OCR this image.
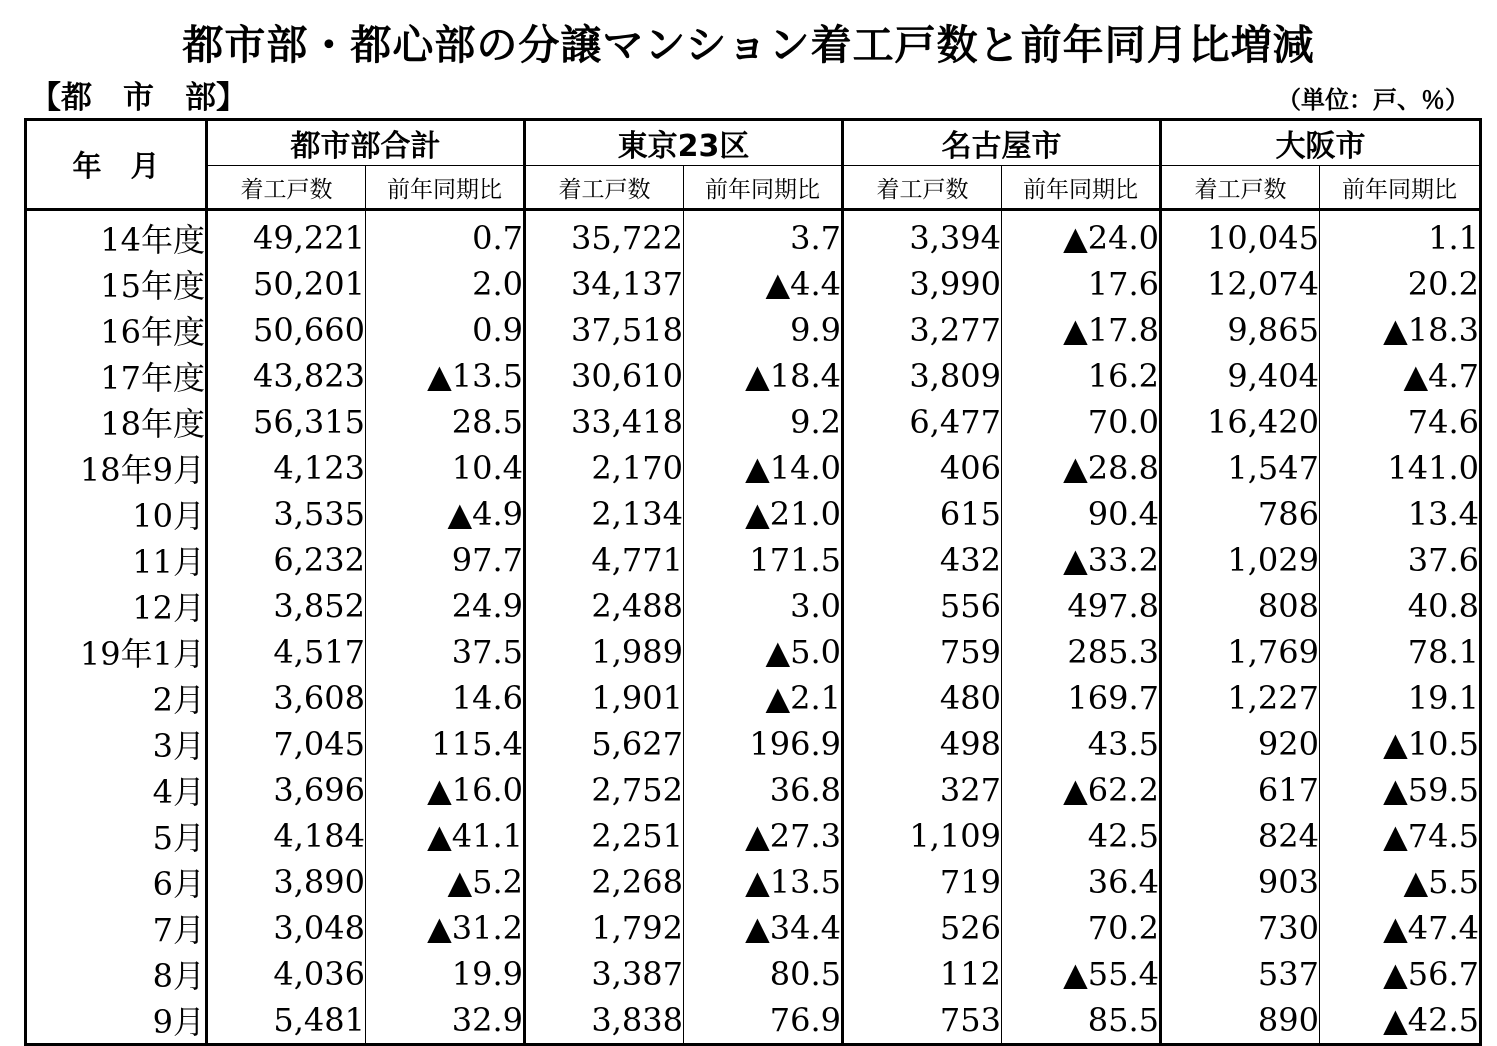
都市部・都心部の分譲マンション着工戸数と前年同月比増減
【都　市　部】	（単位：戸、％）
年　月	都市部合計		東京23区		名古屋市		大阪市	
	着工戸数	前年同期比	着工戸数	前年同期比	着工戸数	前年同期比	着工戸数	前年同期比
14年度	49,221	0.7	35,722	3.7	3,394	▲24.0	10,045	1.1
15年度	50,201	2.0	34,137	▲4.4	3,990	17.6	12,074	20.2
16年度	50,660	0.9	37,518	9.9	3,277	▲17.8	9,865	▲18.3
17年度	43,823	▲13.5	30,610	▲18.4	3,809	16.2	9,404	▲4.7
18年度	56,315	28.5	33,418	9.2	6,477	70.0	16,420	74.6
18年9月	4,123	10.4	2,170	▲14.0	406	▲28.8	1,547	141.0
10月	3,535	▲4.9	2,134	▲21.0	615	90.4	786	13.4
11月	6,232	97.7	4,771	171.5	432	▲33.2	1,029	37.6
12月	3,852	24.9	2,488	3.0	556	497.8	808	40.8
19年1月	4,517	37.5	1,989	▲5.0	759	285.3	1,769	78.1
2月	3,608	14.6	1,901	▲2.1	480	169.7	1,227	19.1
3月	7,045	115.4	5,627	196.9	498	43.5	920	▲10.5
4月	3,696	▲16.0	2,752	36.8	327	▲62.2	617	▲59.5
5月	4,184	▲41.1	2,251	▲27.3	1,109	42.5	824	▲74.5
6月	3,890	▲5.2	2,268	▲13.5	719	36.4	903	▲5.5
7月	3,048	▲31.2	1,792	▲34.4	526	70.2	730	▲47.4
8月	4,036	19.9	3,387	80.5	112	▲55.4	537	▲56.7
9月	5,481	32.9	3,838	76.9	753	85.5	890	▲42.5
